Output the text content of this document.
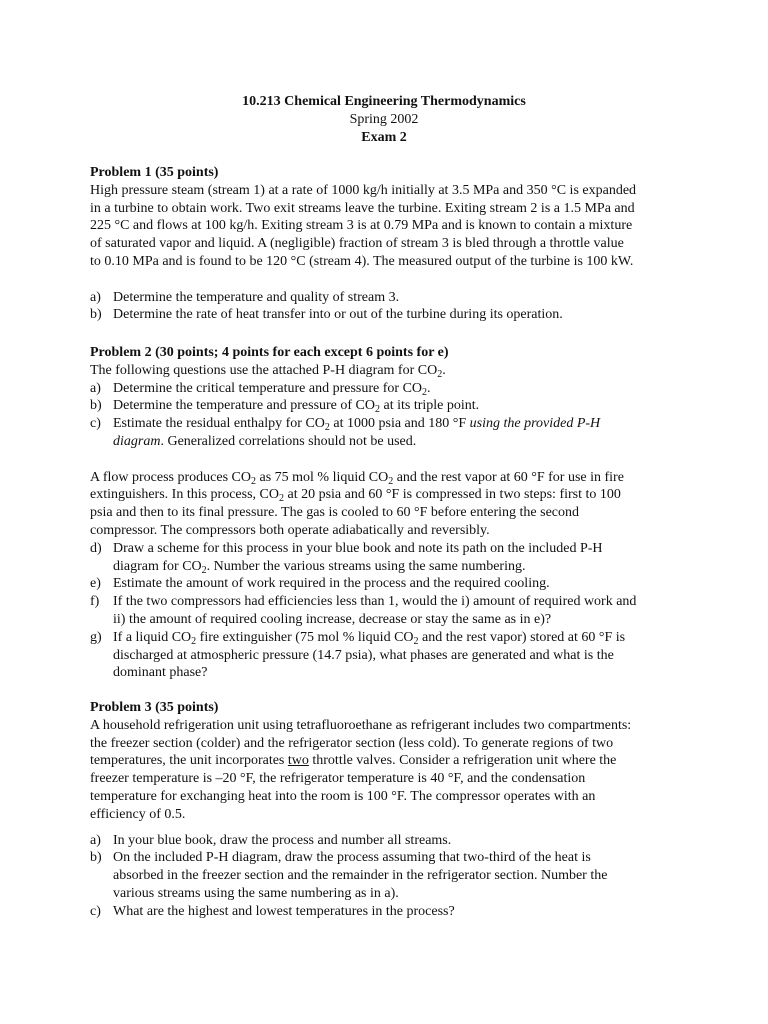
10.213 Chemical Engineering Thermodynamics
Spring 2002
Exam 2
Problem 1 (35 points)
High pressure steam (stream 1) at a rate of 1000 kg/h initially at 3.5 MPa and 350 °C is expanded
in a turbine to obtain work. Two exit streams leave the turbine. Exiting stream 2 is a 1.5 MPa and
225 °C and flows at 100 kg/h. Exiting stream 3 is at 0.79 MPa and is known to contain a mixture
of saturated vapor and liquid. A (negligible) fraction of stream 3 is bled through a throttle value
to 0.10 MPa and is found to be 120 °C (stream 4). The measured output of the turbine is 100 kW.
a) Determine the temperature and quality of stream 3.
b) Determine the rate of heat transfer into or out of the turbine during its operation.
Problem 2 (30 points; 4 points for each except 6 points for e)
The following questions use the attached P-H diagram for $CO_2$.
a) Determine the critical temperature and pressure for $CO_2$.
b) Determine the temperature and pressure of $CO_2$ at its triple point.
c) Estimate the residual enthalpy for $CO_2$ at 1000 psia and 180 °F using the provided P-H
diagram. Generalized correlations should not be used.
A flow process produces $CO_2$ as 75 mol % liquid $CO_2$ and the rest vapor at 60 °F for use in fire
extinguishers. In this process, $CO_2$ at 20 psia and 60 °F is compressed in two steps: first to 100
psia and then to its final pressure. The gas is cooled to 60 °F before entering the second
compressor. The compressors both operate adiabatically and reversibly.
d) Draw a scheme for this process in your blue book and note its path on the included P-H
diagram for $CO_2$. Number the various streams using the same numbering.
e) Estimate the amount of work required in the process and the required cooling.
f) If the two compressors had efficiencies less than 1, would the i) amount of required work and
ii) the amount of required cooling increase, decrease or stay the same as in e)?
g) If a liquid $CO_2$ fire extinguisher (75 mol % liquid $CO_2$ and the rest vapor) stored at 60 °F is
discharged at atmospheric pressure (14.7 psia), what phases are generated and what is the
dominant phase?
Problem 3 (35 points)
A household refrigeration unit using tetrafluoroethane as refrigerant includes two compartments:
the freezer section (colder) and the refrigerator section (less cold). To generate regions of two
temperatures, the unit incorporates two throttle valves. Consider a refrigeration unit where the
freezer temperature is –20 °F, the refrigerator temperature is 40 °F, and the condensation
temperature for exchanging heat into the room is 100 °F. The compressor operates with an
efficiency of 0.5.
a) In your blue book, draw the process and number all streams.
b) On the included P-H diagram, draw the process assuming that two-third of the heat is
absorbed in the freezer section and the remainder in the refrigerator section. Number the
various streams using the same numbering as in a).
c) What are the highest and lowest temperatures in the process?
